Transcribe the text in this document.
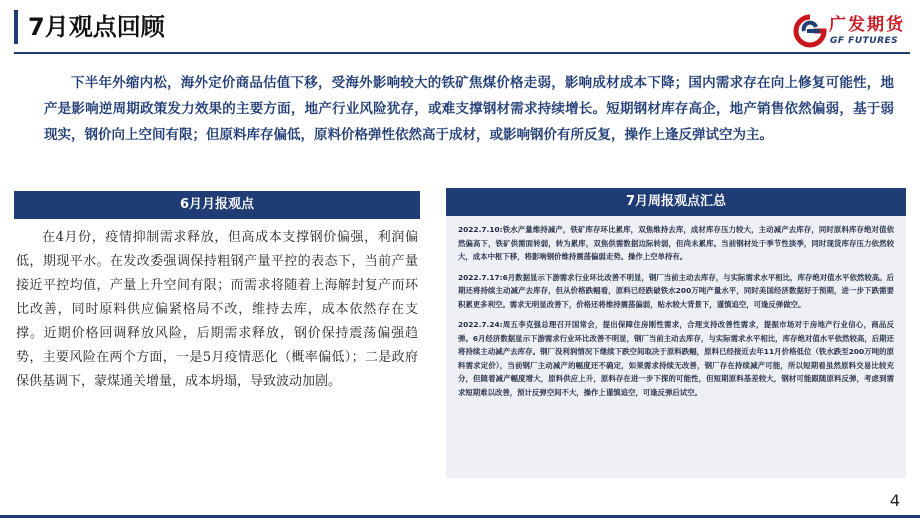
7月观点回顾	广发期货
GF FUTURES

下半年外缩内松，海外定价商品估值下移，受海外影响较大的铁矿焦煤价格走弱，影响成材成本下降；国内需求存在向上修复可能性，地产是影响逆周期政策发力效果的主要方面，地产行业风险犹存，或难支撑钢材需求持续增长。短期钢材库存高企，地产销售依然偏弱，基于弱现实，钢价向上空间有限；但原料库存偏低，原料价格弹性依然高于成材，或影响钢价有所反复，操作上逢反弹试空为主。

6月月报观点

在4月份，疫情抑制需求释放，但高成本支撑钢价偏强，利润偏低，期现平水。在发改委强调保持粗钢产量平控的表态下，当前产量接近平控均值，产量上升空间有限；而需求将随着上海解封复产而环比改善，同时原料供应偏紧格局不改，维持去库，成本依然存在支撑。近期价格回调释放风险，后期需求释放，钢价保持震荡偏强趋势，主要风险在两个方面，一是5月疫情恶化（概率偏低）；二是政府保供基调下，蒙煤通关增量，成本坍塌，导致波动加剧。

7月周报观点汇总

2022.7.10:铁水产量维持减产，铁矿库存环比累库，双焦维持去库，成材库存压力较大，主动减产去库存，同时原料库存绝对值依然偏高下，铁矿供需面转弱，转为累库，双焦供需数据边际转弱，但尚未累库。当前钢材处于季节性淡季，同时现货库存压力依然较大，成本中枢下移，将影响钢价维持震荡偏弱走势。操作上空单持有。

2022.7.17:6月数据显示下游需求行业环比改善不明显，钢厂当前主动去库存，与实际需求水平相比，库存绝对值水平依然较高。后期还将持续主动减产去库存，但从价格跌幅看，原料已经跌破铁水200万吨产量水平，同时美国经济数据好于预期，进一步下跌需要积累更多利空。需求无明显改善下，价格还将维持震荡偏弱，贴水较大背景下，谨慎追空，可逢反弹做空。

2022.7.24:周五李克强总理召开国常会，提出保障住房刚性需求，合理支持改善性需求，提振市场对于房地产行业信心，商品反弹。6月经济数据显示下游需求行业环比改善不明显，钢厂当前主动去库存，与实际需求水平相比，库存绝对值水平依然较高，后期还将持续主动减产去库存。钢厂没利润情况下继续下跌空间取决于原料跌幅，原料已经接近去年11月价格低位（铁水跌至200万吨的原料需求定价），当前钢厂主动减产的幅度还不确定，如果需求持续无改善，钢厂存在持续减产可能，所以短期看虽然原料交易比较充分，但随着减产幅度增大，原料供应上升，原料存在进一步下探的可能性，但短期原料基差较大，钢材可能跟随原料反弹，考虑到需求短期难以改善，预计反弹空间不大，操作上谨慎追空，可逢反弹后试空。

4
